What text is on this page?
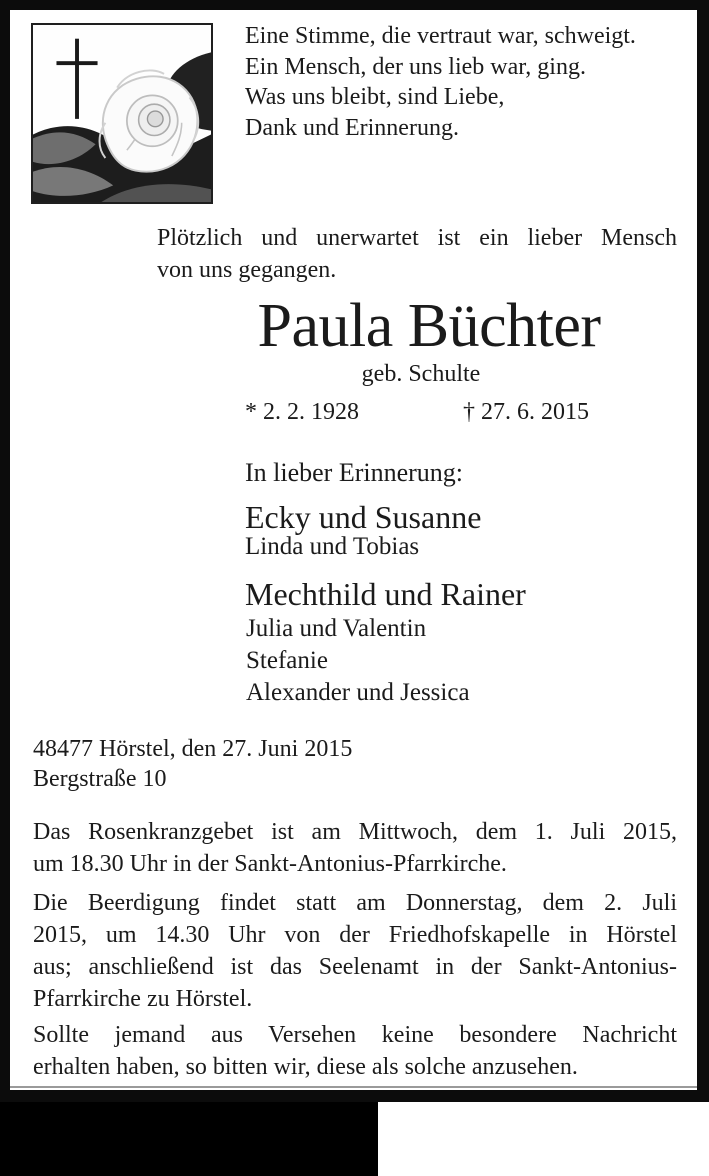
Eine Stimme, die vertraut war, schweigt.
Ein Mensch, der uns lieb war, ging.
Was uns bleibt, sind Liebe,
Dank und Erinnerung.
Plötzlich und unerwartet ist ein lieber Mensch
von uns gegangen.
Paula Büchter
geb. Schulte
* 2. 2. 1928	† 27. 6. 2015
In lieber Erinnerung:
Ecky und Susanne
Linda und Tobias
Mechthild und Rainer
Julia und Valentin
Stefanie
Alexander und Jessica
48477 Hörstel, den 27. Juni 2015
Bergstraße 10
Das Rosenkranzgebet ist am Mittwoch, dem 1. Juli 2015,
um 18.30 Uhr in der Sankt-Antonius-Pfarrkirche.
Die Beerdigung findet statt am Donnerstag, dem 2. Juli
2015, um 14.30 Uhr von der Friedhofskapelle in Hörstel
aus; anschließend ist das Seelenamt in der Sankt-Antonius-
Pfarrkirche zu Hörstel.
Sollte jemand aus Versehen keine besondere Nachricht
erhalten haben, so bitten wir, diese als solche anzusehen.
